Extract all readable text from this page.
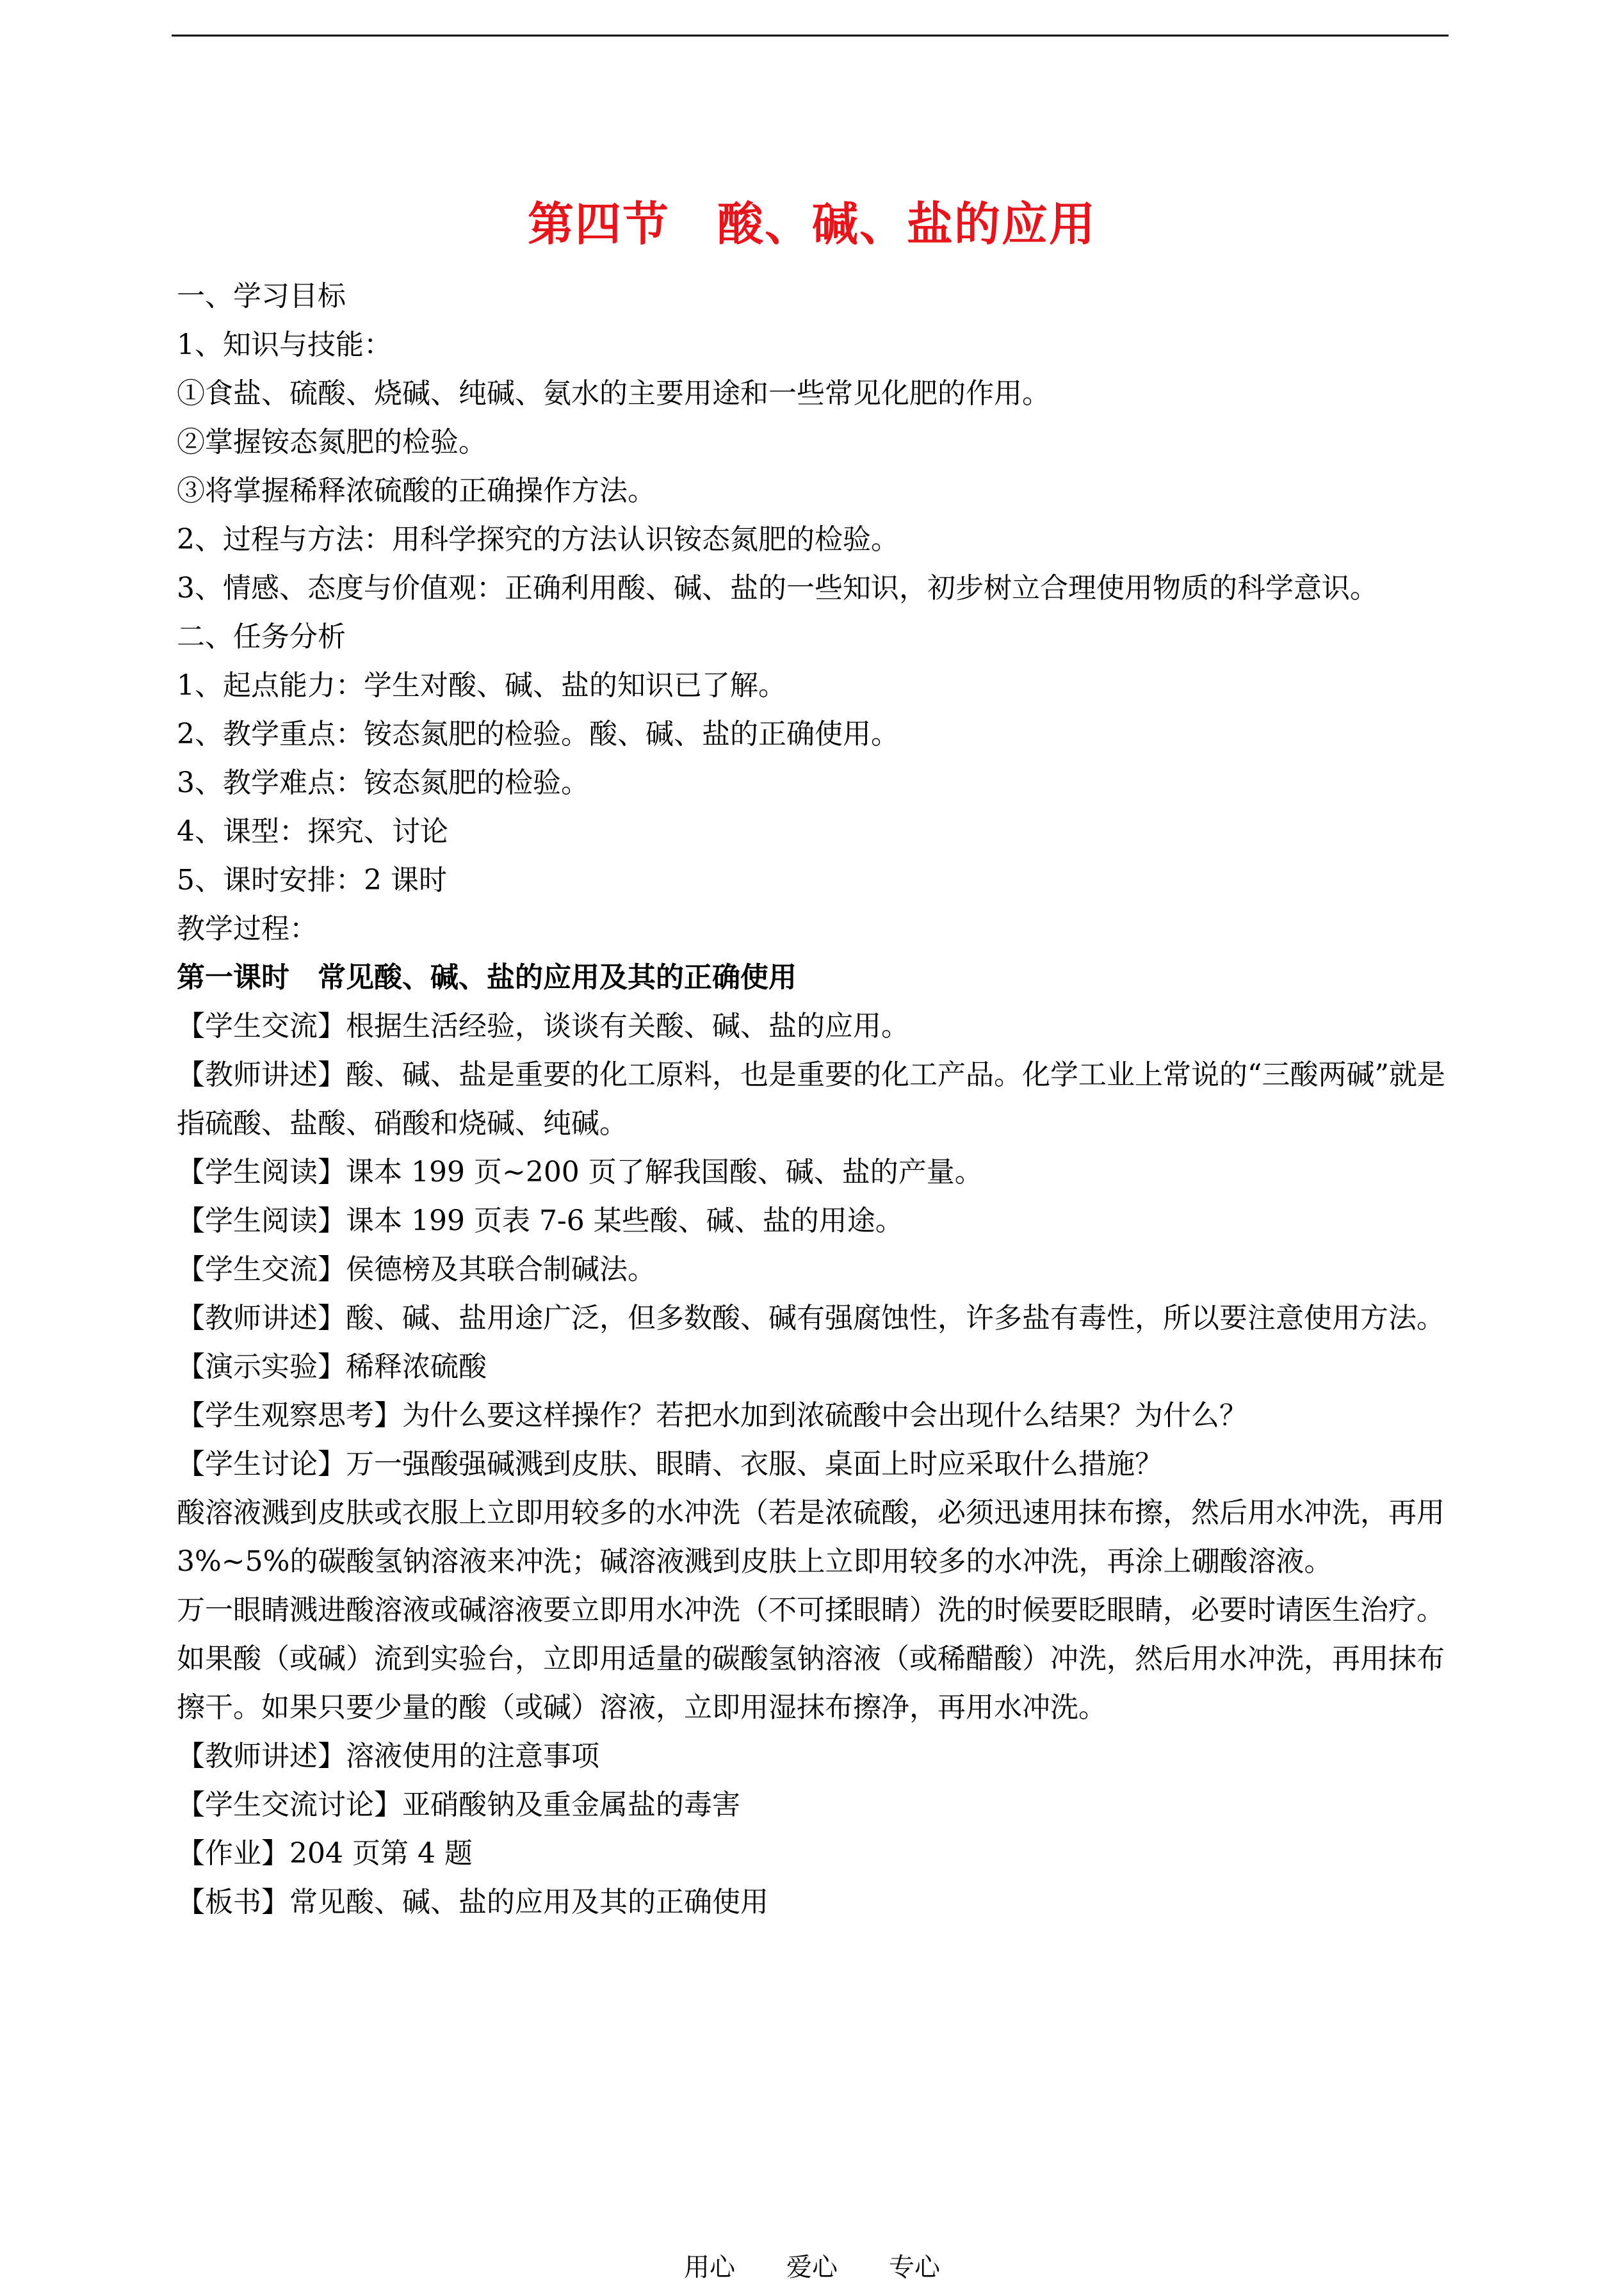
第四节　酸、碱、盐的应用
一、学习目标
1、知识与技能：
①食盐、硫酸、烧碱、纯碱、氨水的主要用途和一些常见化肥的作用。
②掌握铵态氮肥的检验。
③将掌握稀释浓硫酸的正确操作方法。
2、过程与方法：用科学探究的方法认识铵态氮肥的检验。
3、情感、态度与价值观：正确利用酸、碱、盐的一些知识，初步树立合理使用物质的科学意识。
二、任务分析
1、起点能力：学生对酸、碱、盐的知识已了解。
2、教学重点：铵态氮肥的检验。酸、碱、盐的正确使用。
3、教学难点：铵态氮肥的检验。
4、课型：探究、讨论
5、课时安排：2 课时
教学过程：
第一课时　常见酸、碱、盐的应用及其的正确使用
【学生交流】根据生活经验，谈谈有关酸、碱、盐的应用。
【教师讲述】酸、碱、盐是重要的化工原料，也是重要的化工产品。化学工业上常说的“三酸两碱”就是指硫酸、盐酸、硝酸和烧碱、纯碱。
【学生阅读】课本 199 页~200 页了解我国酸、碱、盐的产量。
【学生阅读】课本 199 页表 7-6 某些酸、碱、盐的用途。
【学生交流】侯德榜及其联合制碱法。
【教师讲述】酸、碱、盐用途广泛，但多数酸、碱有强腐蚀性，许多盐有毒性，所以要注意使用方法。
【演示实验】稀释浓硫酸
【学生观察思考】为什么要这样操作？若把水加到浓硫酸中会出现什么结果？为什么？
【学生讨论】万一强酸强碱溅到皮肤、眼睛、衣服、桌面上时应采取什么措施？
酸溶液溅到皮肤或衣服上立即用较多的水冲洗（若是浓硫酸，必须迅速用抹布擦，然后用水冲洗，再用 3%~5%的碳酸氢钠溶液来冲洗；碱溶液溅到皮肤上立即用较多的水冲洗，再涂上硼酸溶液。
万一眼睛溅进酸溶液或碱溶液要立即用水冲洗（不可揉眼睛）洗的时候要眨眼睛，必要时请医生治疗。
如果酸（或碱）流到实验台，立即用适量的碳酸氢钠溶液（或稀醋酸）冲洗，然后用水冲洗，再用抹布擦干。如果只要少量的酸（或碱）溶液，立即用湿抹布擦净，再用水冲洗。
【教师讲述】溶液使用的注意事项
【学生交流讨论】亚硝酸钠及重金属盐的毒害
【作业】204 页第 4 题
【板书】常见酸、碱、盐的应用及其的正确使用
用心　　爱心　　专心
